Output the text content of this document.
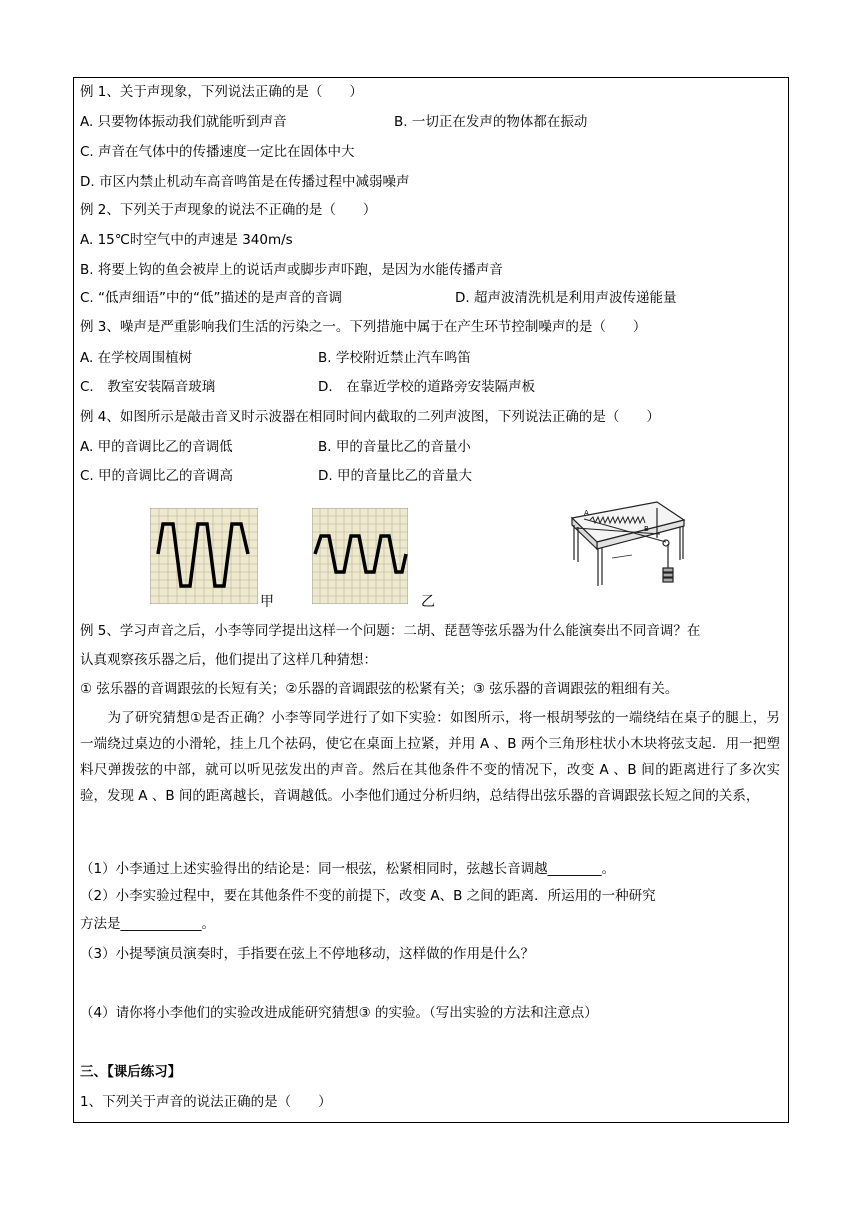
例 1、关于声现象，下列说法正确的是（　　）
A. 只要物体振动我们就能听到声音	B. 一切正在发声的物体都在振动
C. 声音在气体中的传播速度一定比在固体中大
D. 市区内禁止机动车高音鸣笛是在传播过程中减弱噪声
例 2、下列关于声现象的说法不正确的是（　　）
A. 15℃时空气中的声速是 340m/s
B. 将要上钩的鱼会被岸上的说话声或脚步声吓跑，是因为水能传播声音
C. “低声细语”中的“低”描述的是声音的音调	D. 超声波清洗机是利用声波传递能量
例 3、噪声是严重影响我们生活的污染之一。下列措施中属于在产生环节控制噪声的是（　　）
A. 在学校周围植树	B. 学校附近禁止汽车鸣笛
C.　教室安装隔音玻璃	D.　在靠近学校的道路旁安装隔声板
例 4、如图所示是敲击音叉时示波器在相同时间内截取的二列声波图，下列说法正确的是（　　）
A. 甲的音调比乙的音调低	B. 甲的音量比乙的音量小
C. 甲的音调比乙的音调高	D. 甲的音量比乙的音量大
甲	乙
A
B
例 5、学习声音之后，小李等同学提出这样一个问题：二胡、琵琶等弦乐器为什么能演奏出不同音调？在
认真观察孩乐器之后，他们提出了这样几种猜想：
① 弦乐器的音调跟弦的长短有关；②乐器的音调跟弦的松紧有关；③ 弦乐器的音调跟弦的粗细有关。
　　为了研究猜想①是否正确？小李等同学进行了如下实验：如图所示，将一根胡琴弦的一端绕结在桌子的腿上，另一端绕过桌边的小滑轮，挂上几个祛码，使它在桌面上拉紧，并用 A 、B 两个三角形柱状小木块将弦支起．用一把塑料尺弹拨弦的中部，就可以听见弦发出的声音。然后在其他条件不变的情况下，改变 A 、B 间的距离进行了多次实验，发现 A 、B 间的距离越长，音调越低。小李他们通过分析归纳，总结得出弦乐器的音调跟弦长短之间的关系，
（1）小李通过上述实验得出的结论是：同一根弦，松紧相同时，弦越长音调越________。
（2）小李实验过程中，要在其他条件不变的前提下，改变 A、B 之间的距离．所运用的一种研究
方法是____________。
（3）小提琴演员演奏时，手指要在弦上不停地移动，这样做的作用是什么？
（4）请你将小李他们的实验改进成能研究猜想③ 的实验。（写出实验的方法和注意点）
三、【课后练习】
1、下列关于声音的说法正确的是（　　）
